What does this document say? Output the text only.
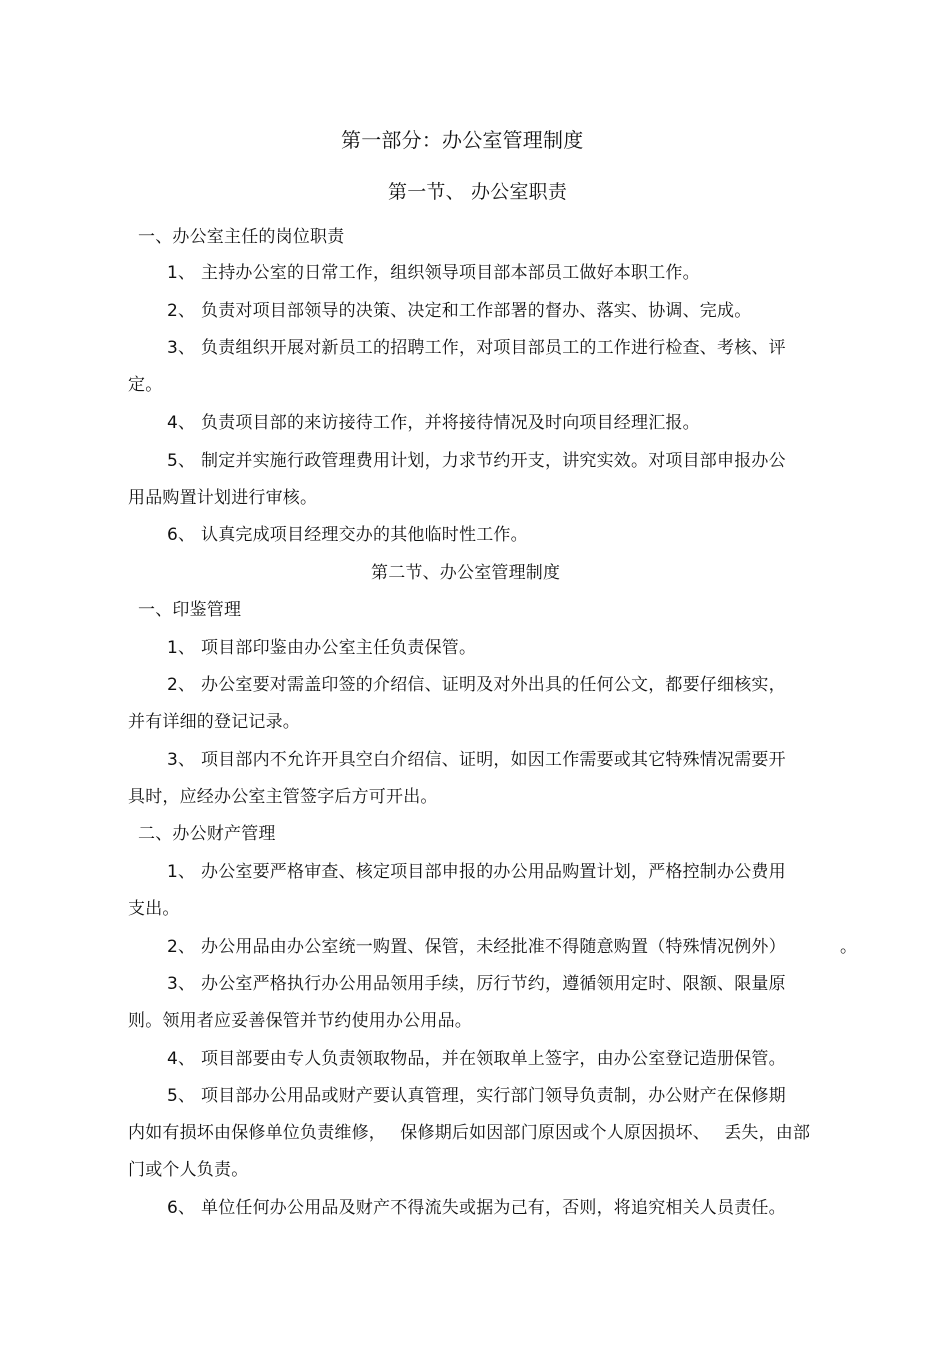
第一部分：办公室管理制度
第一节、 办公室职责
一、办公室主任的岗位职责
1、 主持办公室的日常工作，组织领导项目部本部员工做好本职工作。
2、 负责对项目部领导的决策、决定和工作部署的督办、落实、协调、完成。
3、 负责组织开展对新员工的招聘工作，对项目部员工的工作进行检查、考核、评
定。
4、 负责项目部的来访接待工作，并将接待情况及时向项目经理汇报。
5、 制定并实施行政管理费用计划，力求节约开支，讲究实效。对项目部申报办公
用品购置计划进行审核。
6、 认真完成项目经理交办的其他临时性工作。
第二节、办公室管理制度
一、印鉴管理
1、 项目部印鉴由办公室主任负责保管。
2、 办公室要对需盖印签的介绍信、证明及对外出具的任何公文，都要仔细核实，
并有详细的登记记录。
3、 项目部内不允许开具空白介绍信、证明，如因工作需要或其它特殊情况需要开
具时，应经办公室主管签字后方可开出。
二、办公财产管理
1、 办公室要严格审查、核定项目部申报的办公用品购置计划，严格控制办公费用
支出。
2、 办公用品由办公室统一购置、保管，未经批准不得随意购置（特殊情况例外）	。
3、 办公室严格执行办公用品领用手续，厉行节约，遵循领用定时、限额、限量原
则。领用者应妥善保管并节约使用办公用品。
4、 项目部要由专人负责领取物品，并在领取单上签字，由办公室登记造册保管。
5、 项目部办公用品或财产要认真管理，实行部门领导负责制，办公财产在保修期
内如有损坏由保修单位负责维修，　 保修期后如因部门原因或个人原因损坏、　 丢失，由部
门或个人负责。
6、 单位任何办公用品及财产不得流失或据为己有，否则，将追究相关人员责任。
